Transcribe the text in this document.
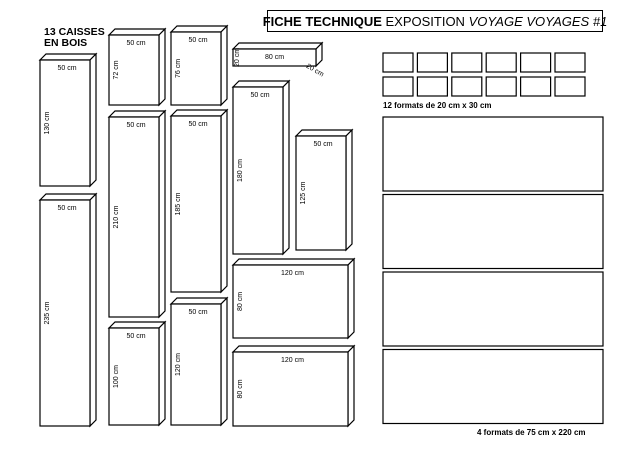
FICHE TECHNIQUE EXPOSITION VOYAGE VOYAGES #1
13 CAISSES
EN BOIS
50 cm
130 cm
50 cm
235 cm
50 cm
72 cm
50 cm
210 cm
50 cm
100 cm
50 cm
76 cm
50 cm
185 cm
50 cm
120 cm
80 cm
20 cm
20 cm
50 cm
180 cm
50 cm
125 cm
120 cm
80 cm
120 cm
80 cm
12 formats de 20 cm x 30 cm
4 formats de 75 cm x 220 cm
